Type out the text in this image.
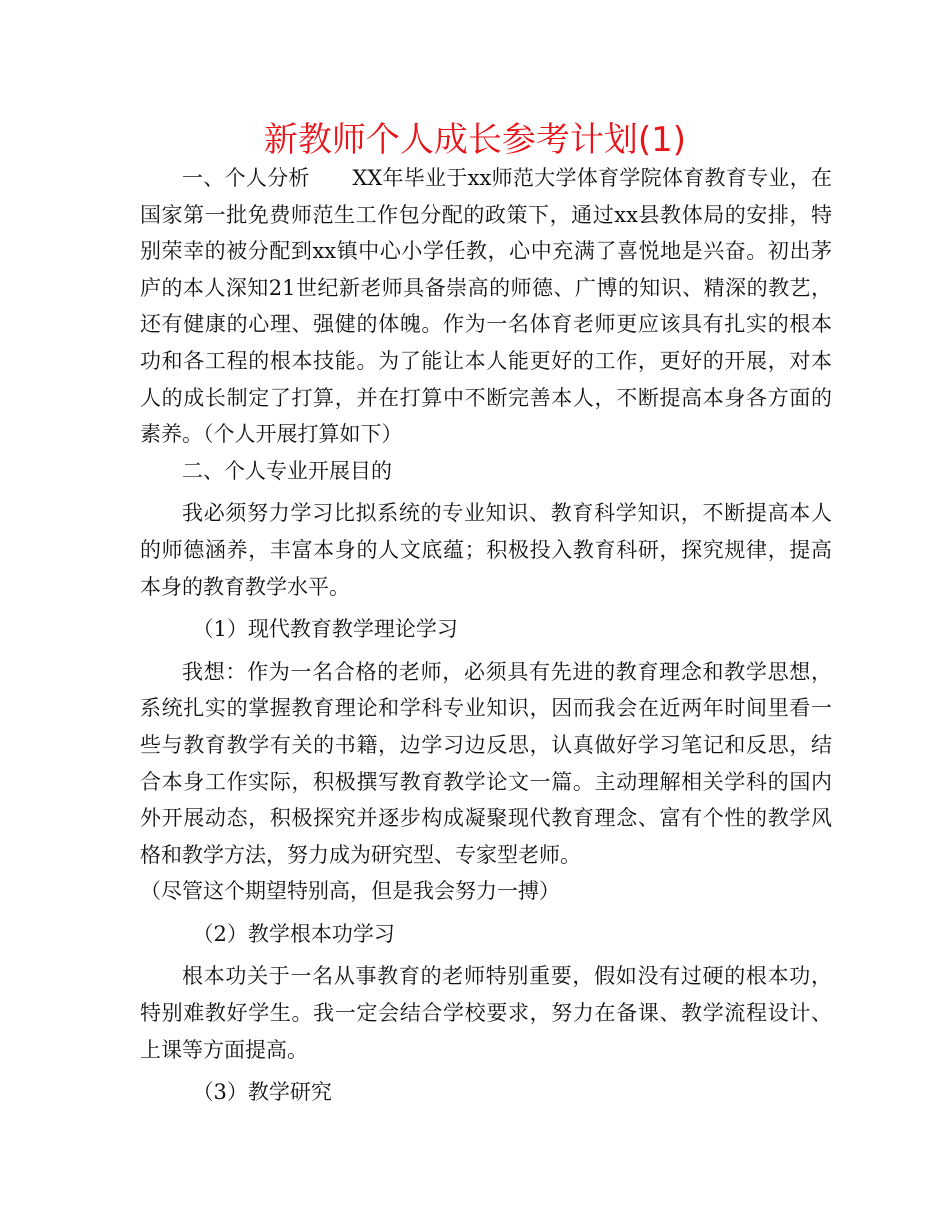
新教师个人成长参考计划(1)

一、个人分析　　XX年毕业于xx师范大学体育学院体育教育专业，在国家第一批免费师范生工作包分配的政策下，通过xx县教体局的安排，特别荣幸的被分配到xx镇中心小学任教，心中充满了喜悦地是兴奋。初出茅庐的本人深知21世纪新老师具备崇高的师德、广博的知识、精深的教艺，还有健康的心理、强健的体魄。作为一名体育老师更应该具有扎实的根本功和各工程的根本技能。为了能让本人能更好的工作，更好的开展，对本人的成长制定了打算，并在打算中不断完善本人，不断提高本身各方面的素养。（个人开展打算如下）

二、个人专业开展目的

我必须努力学习比拟系统的专业知识、教育科学知识，不断提高本人的师德涵养，丰富本身的人文底蕴；积极投入教育科研，探究规律，提高本身的教育教学水平。

（1）现代教育教学理论学习

我想：作为一名合格的老师，必须具有先进的教育理念和教学思想，系统扎实的掌握教育理论和学科专业知识，因而我会在近两年时间里看一些与教育教学有关的书籍，边学习边反思，认真做好学习笔记和反思，结合本身工作实际，积极撰写教育教学论文一篇。主动理解相关学科的国内外开展动态，积极探究并逐步构成凝聚现代教育理念、富有个性的教学风格和教学方法，努力成为研究型、专家型老师。

（尽管这个期望特别高，但是我会努力一搏）

（2）教学根本功学习

根本功关于一名从事教育的老师特别重要，假如没有过硬的根本功，特别难教好学生。我一定会结合学校要求，努力在备课、教学流程设计、上课等方面提高。

（3）教学研究
